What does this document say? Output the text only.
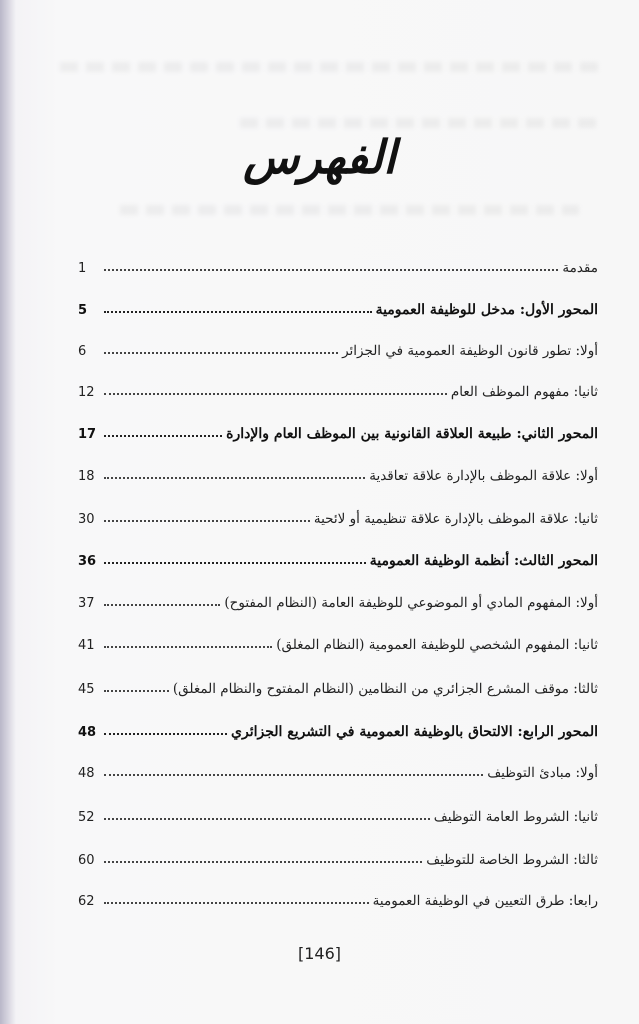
الفهرس
مقدمة
1
المحور الأول: مدخل للوظيفة العمومية
5
أولا: تطور قانون الوظيفة العمومية في الجزائر
6
ثانيا: مفهوم الموظف العام
12
المحور الثاني: طبيعة العلاقة القانونية بين الموظف العام والإدارة
17
أولا: علاقة الموظف بالإدارة علاقة تعاقدية
18
ثانيا: علاقة الموظف بالإدارة علاقة تنظيمية أو لائحية
30
المحور الثالث: أنظمة الوظيفة العمومية
36
أولا: المفهوم المادي أو الموضوعي للوظيفة العامة (النظام المفتوح)
37
ثانيا: المفهوم الشخصي للوظيفة العمومية (النظام المغلق)
41
ثالثا: موقف المشرع الجزائري من النظامين (النظام المفتوح والنظام المغلق)
45
المحور الرابع: الالتحاق بالوظيفة العمومية في التشريع الجزائري
48
أولا: مبادئ التوظيف
48
ثانيا: الشروط العامة التوظيف
52
ثالثا: الشروط الخاصة للتوظيف
60
رابعا: طرق التعيين في الوظيفة العمومية
62
[146]
